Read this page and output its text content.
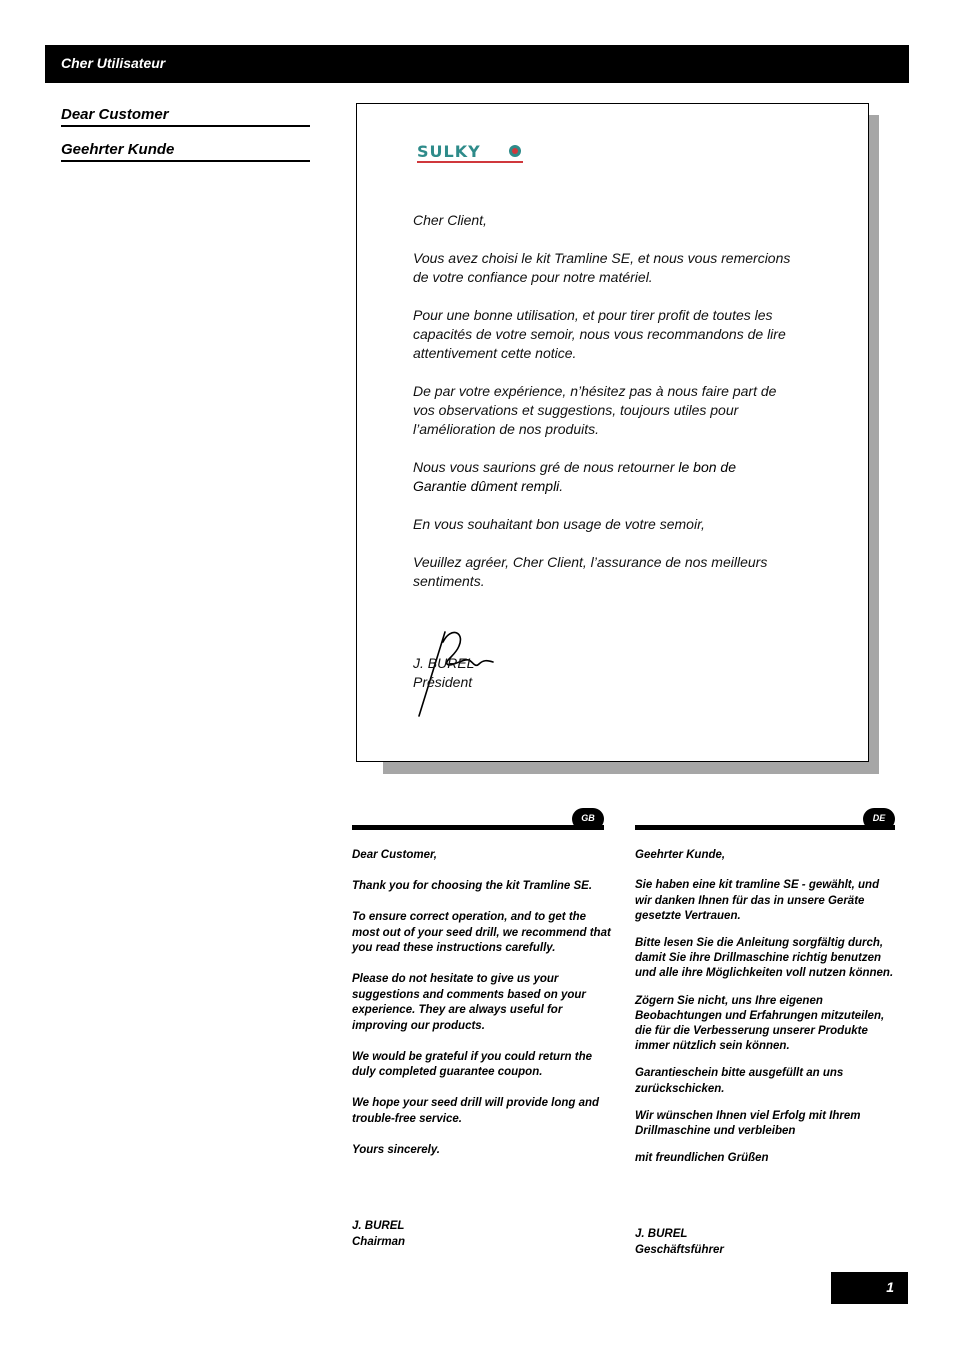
Cher Utilisateur
Dear Customer
Geehrter Kunde	SULKY

Cher Client,

Vous avez choisi le kit Tramline SE, et nous vous remercions de votre confiance pour notre matériel.

Pour une bonne utilisation, et pour tirer profit de toutes les capacités de votre semoir, nous vous recommandons de lire attentivement cette notice.

De par votre expérience, n’hésitez pas à nous faire part de vos observations et suggestions, toujours utiles pour l’amélioration de nos produits.

Nous vous saurions gré de nous retourner le bon de Garantie dûment rempli.

En vous souhaitant bon usage de votre semoir,

Veuillez agréer, Cher Client, l’assurance de nos meilleurs sentiments.

J. BUREL
Président
GB

Dear Customer,

Thank you for choosing the kit Tramline SE.

To ensure correct operation, and to get the most out of your seed drill, we recommend that you read these instructions carefully.

Please do not hesitate to give us your suggestions and comments based on your experience. They are always useful for improving our products.

We would be grateful if you could return the duly completed guarantee coupon.

We hope your seed drill will provide long and trouble-free service.

Yours sincerely.

J. BUREL
Chairman
DE

Geehrter Kunde,

Sie haben eine kit tramline SE - gewählt, und wir danken Ihnen für das in unsere Geräte gesetzte Vertrauen.

Bitte lesen Sie die Anleitung sorgfältig durch, damit Sie ihre Drillmaschine richtig benutzen und alle ihre Möglichkeiten voll nutzen können.

Zögern Sie nicht, uns Ihre eigenen Beobachtungen und Erfahrungen mitzuteilen, die für die Verbesserung unserer Produkte immer nützlich sein können.

Garantieschein bitte ausgefüllt an uns zurückschicken.

Wir wünschen Ihnen viel Erfolg mit Ihrem Drillmaschine und verbleiben

mit freundlichen Grüßen

J. BUREL
Geschäftsführer
1
